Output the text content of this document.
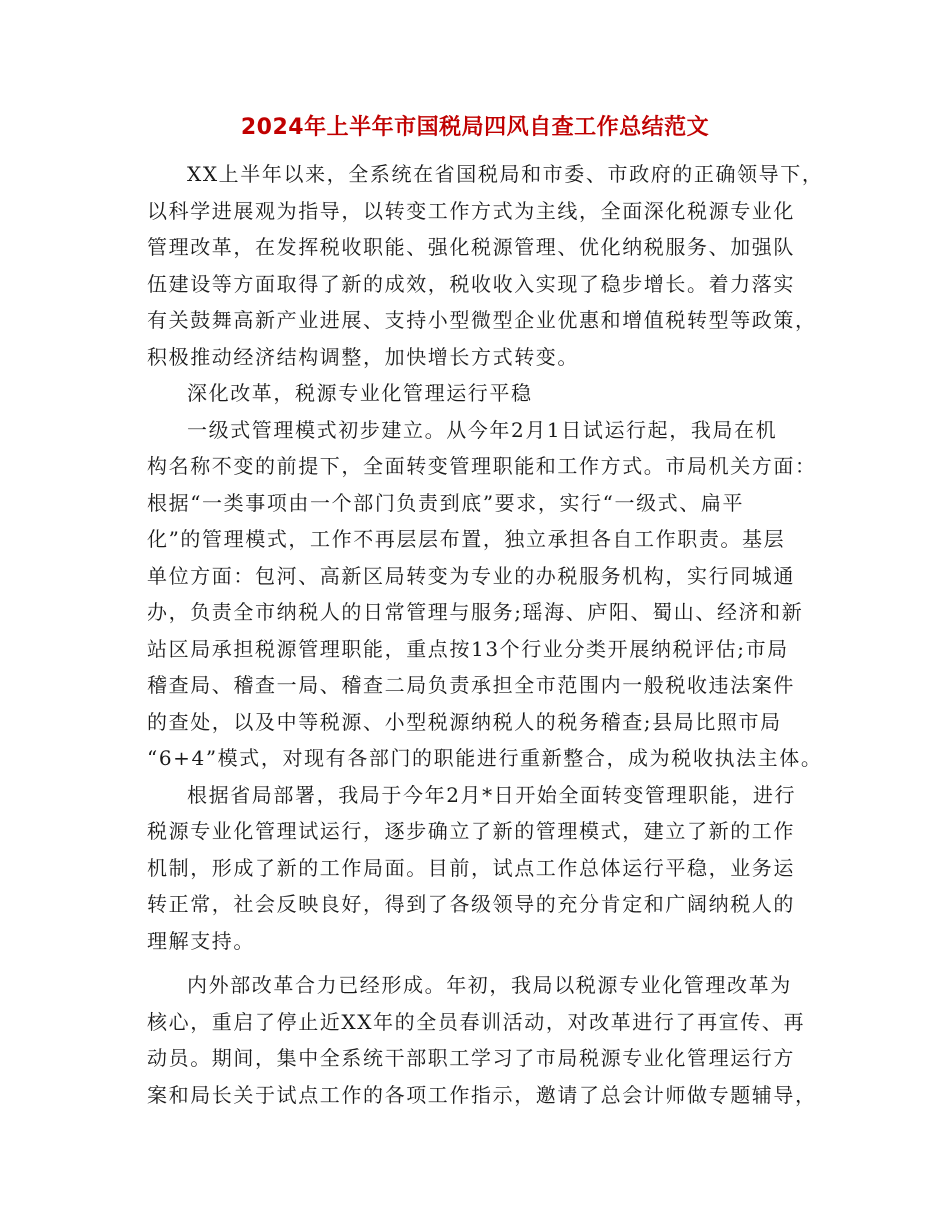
2024年上半年市国税局四风自查工作总结范文
XX上半年以来，全系统在省国税局和市委、市政府的正确领导下，
以科学进展观为指导，以转变工作方式为主线，全面深化税源专业化
管理改革，在发挥税收职能、强化税源管理、优化纳税服务、加强队
伍建设等方面取得了新的成效，税收收入实现了稳步增长。着力落实
有关鼓舞高新产业进展、支持小型微型企业优惠和增值税转型等政策，
积极推动经济结构调整，加快增长方式转变。
深化改革，税源专业化管理运行平稳
一级式管理模式初步建立。从今年2月1日试运行起，我局在机
构名称不变的前提下，全面转变管理职能和工作方式。市局机关方面：
根据“一类事项由一个部门负责到底”要求，实行“一级式、扁平
化”的管理模式，工作不再层层布置，独立承担各自工作职责。基层
单位方面：包河、高新区局转变为专业的办税服务机构，实行同城通
办，负责全市纳税人的日常管理与服务;瑶海、庐阳、蜀山、经济和新
站区局承担税源管理职能，重点按13个行业分类开展纳税评估;市局
稽查局、稽查一局、稽查二局负责承担全市范围内一般税收违法案件
的查处，以及中等税源、小型税源纳税人的税务稽查;县局比照市局
“6+4”模式，对现有各部门的职能进行重新整合，成为税收执法主体。
根据省局部署，我局于今年2月*日开始全面转变管理职能，进行
税源专业化管理试运行，逐步确立了新的管理模式，建立了新的工作
机制，形成了新的工作局面。目前，试点工作总体运行平稳，业务运
转正常，社会反映良好，得到了各级领导的充分肯定和广阔纳税人的
理解支持。
内外部改革合力已经形成。年初，我局以税源专业化管理改革为
核心，重启了停止近XX年的全员春训活动，对改革进行了再宣传、再
动员。期间，集中全系统干部职工学习了市局税源专业化管理运行方
案和局长关于试点工作的各项工作指示，邀请了总会计师做专题辅导，
